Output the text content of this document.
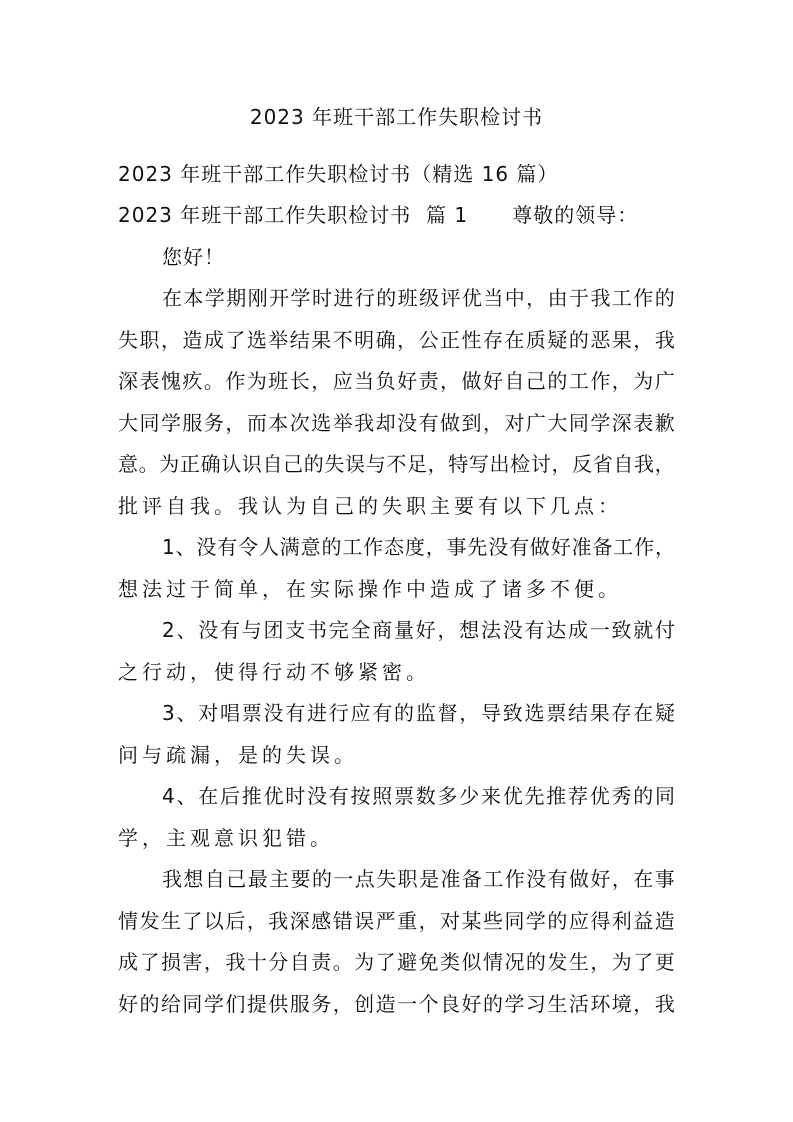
2023 年班干部工作失职检讨书
2023 年班干部工作失职检讨书（精选 16 篇）
2023 年班干部工作失职检讨书  篇 1      尊敬的领导：
您好！
在 本 学 期 刚 开 学 时 进 行 的 班 级 评 优 当 中 ， 由 于 我 工 作 的
失 职 ， 造 成 了 选 举 结 果 不 明 确 ， 公 正 性 存 在 质 疑 的 恶 果 ， 我
深 表 愧 疚 。 作 为 班 长 ， 应 当 负 好 责 ， 做 好 自 己 的 工 作 ， 为 广
大 同 学 服 务 ， 而 本 次 选 举 我 却 没 有 做 到 ， 对 广 大 同 学 深 表 歉
意 。 为 正 确 认 识 自 己 的 失 误 与 不 足 ， 特 写 出 检 讨 ， 反 省 自 我 ，
批评自我。我认为自己的失职主要有以下几点：
1 、 没 有 令 人 满 意 的 工 作 态 度 ， 事 先 没 有 做 好 准 备 工 作 ，
想法过于简单，在实际操作中造成了诸多不便。
2 、 没 有 与 团 支 书 完 全 商 量 好 ， 想 法 没 有 达 成 一 致 就 付
之行动，使得行动不够紧密。
3 、 对 唱 票 没 有 进 行 应 有 的 监 督 ， 导 致 选 票 结 果 存 在 疑
问与疏漏，是的失误。
4 、 在 后 推 优 时 没 有 按 照 票 数 多 少 来 优 先 推 荐 优 秀 的 同
学，主观意识犯错。
我 想 自 己 最 主 要 的 一 点 失 职 是 准 备 工 作 没 有 做 好 ， 在 事
情 发 生 了 以 后 ， 我 深 感 错 误 严 重 ， 对 某 些 同 学 的 应 得 利 益 造
成 了 损 害 ， 我 十 分 自 责 。 为 了 避 免 类 似 情 况 的 发 生 ， 为 了 更
好 的 给 同 学 们 提 供 服 务 ， 创 造 一 个 良 好 的 学 习 生 活 环 境 ， 我
